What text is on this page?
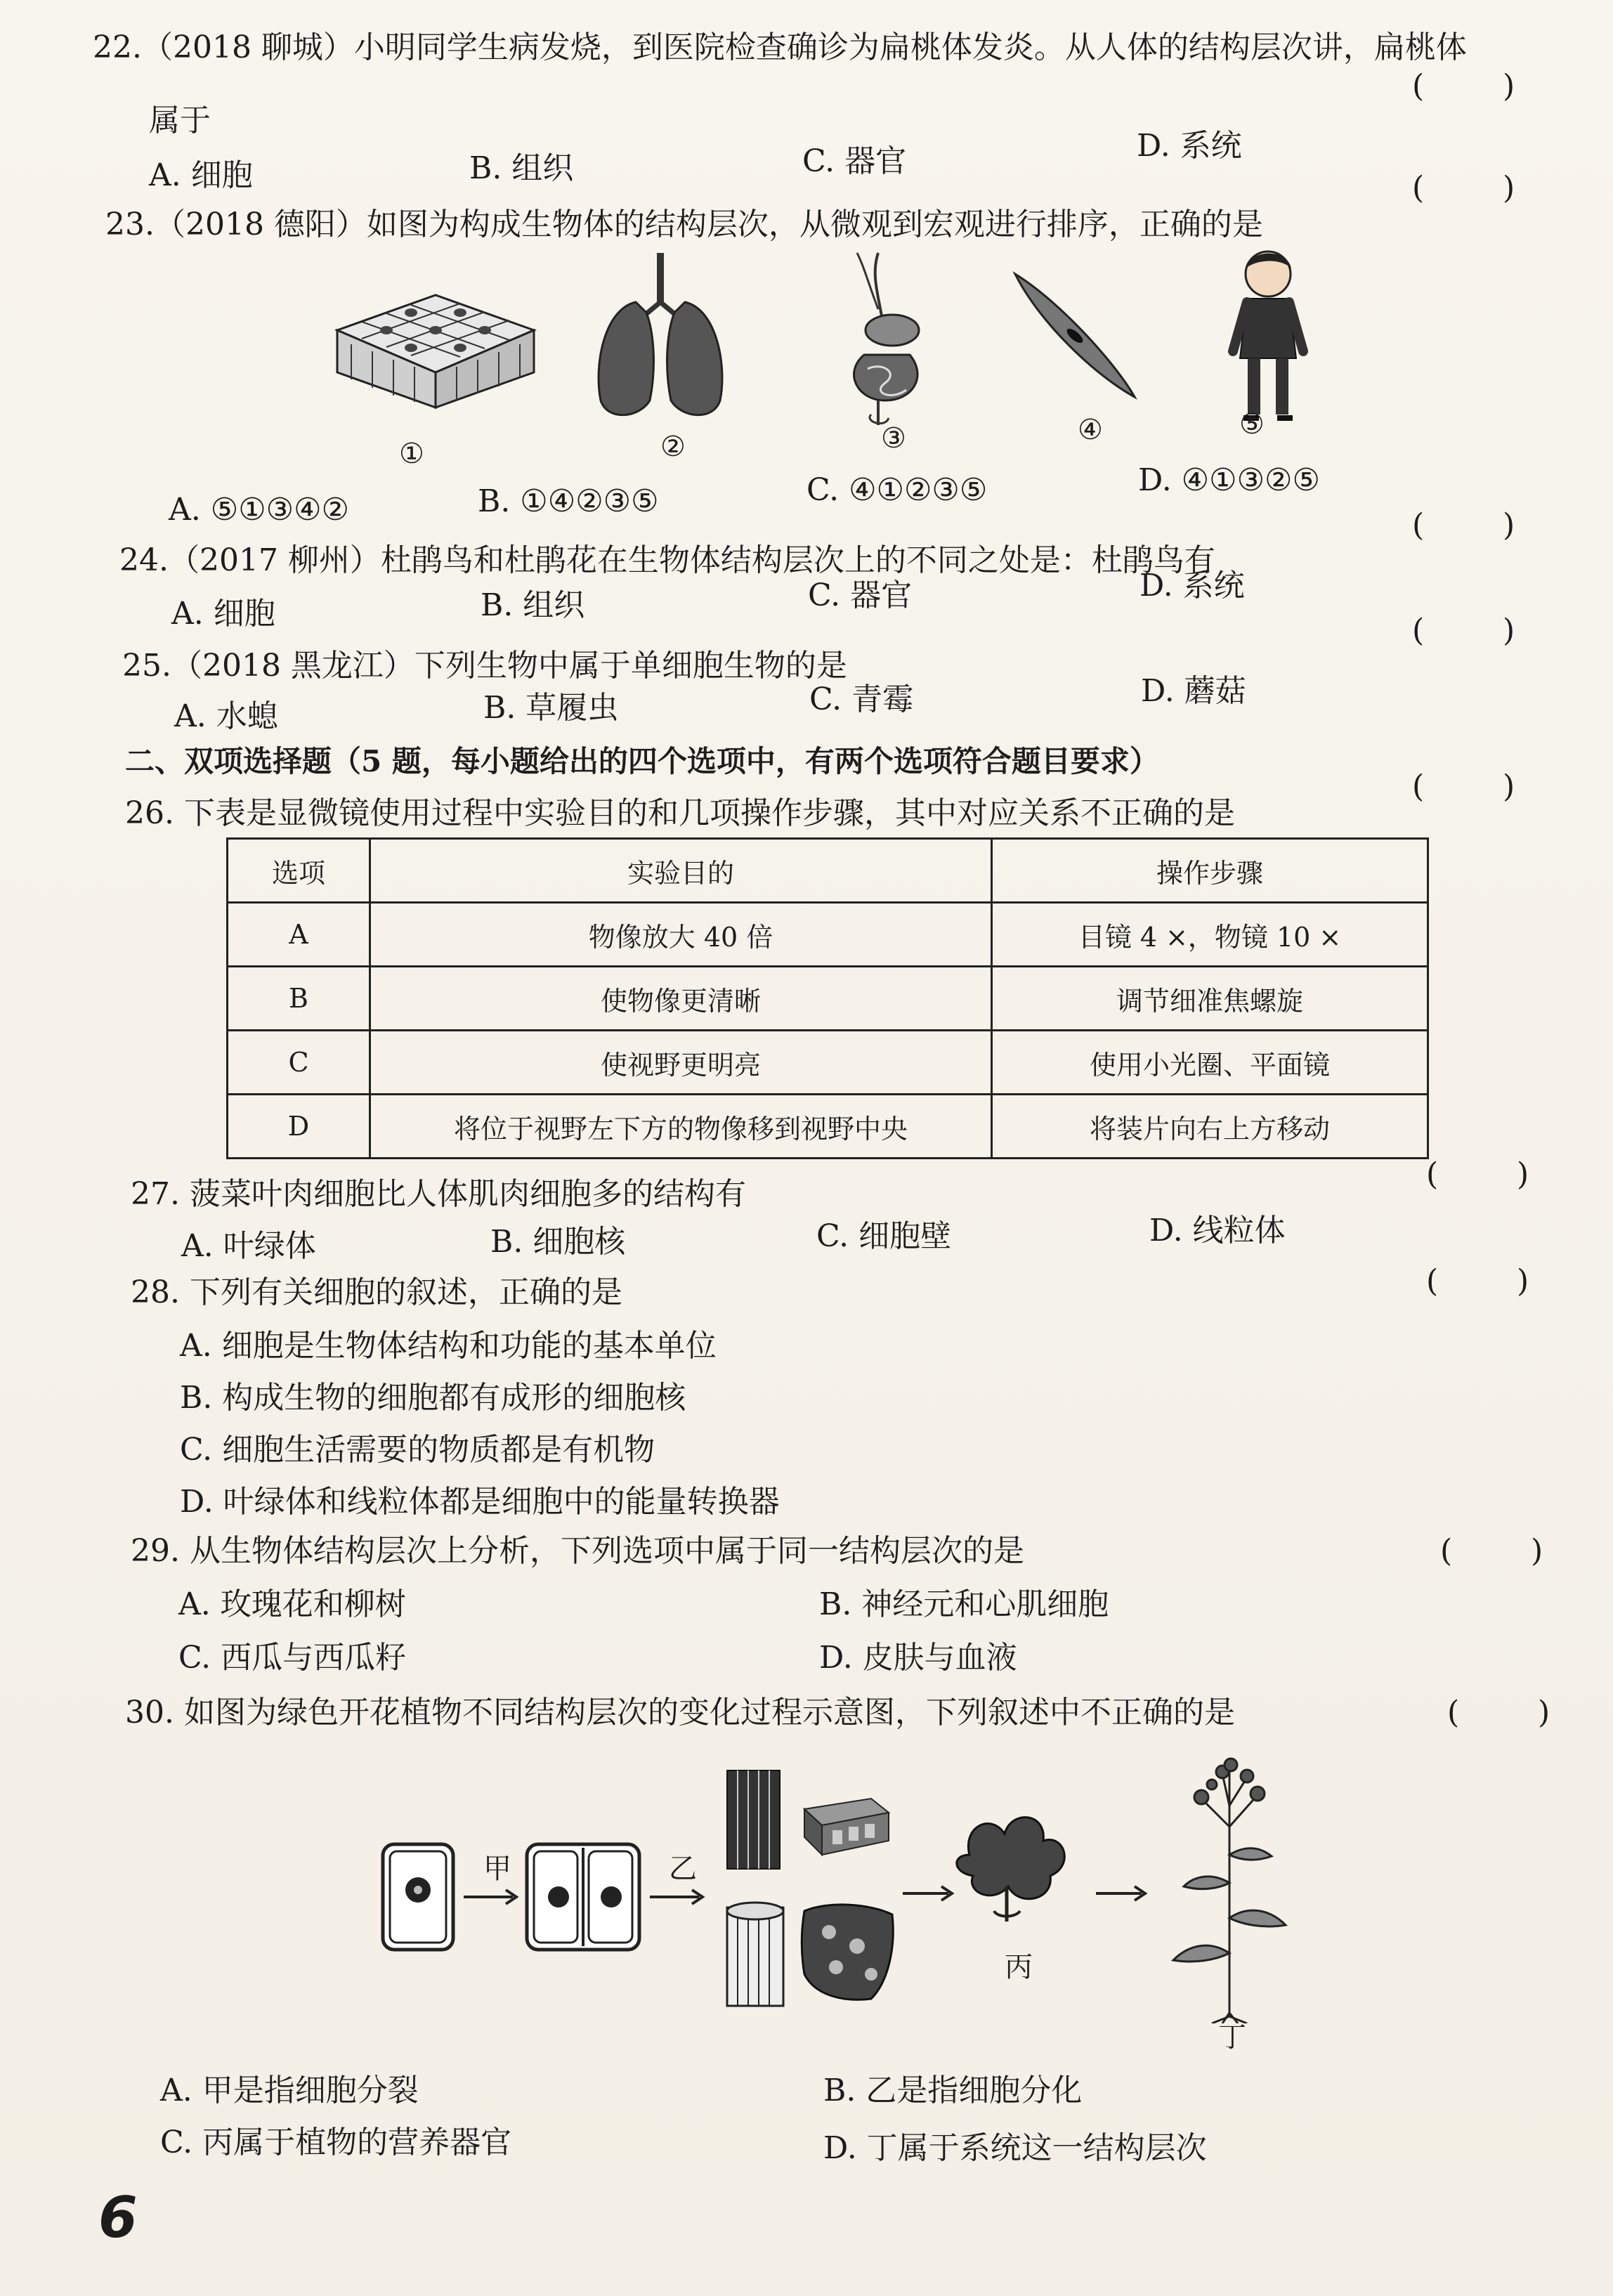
22.（2018 聊城）小明同学生病发烧，到医院检查确诊为扁桃体发炎。从人体的结构层次讲，扁桃体
(        )
属于
A. 细胞	B. 组织	C. 器官	D. 系统
23.（2018 德阳）如图为构成生物体的结构层次，从微观到宏观进行排序，正确的是
(        )
①	②	③	④	⑤
A. ⑤①③④②	B. ①④②③⑤	C. ④①②③⑤	D. ④①③②⑤
24.（2017 柳州）杜鹃鸟和杜鹃花在生物体结构层次上的不同之处是：杜鹃鸟有
(        )
A. 细胞	B. 组织	C. 器官	D. 系统
25.（2018 黑龙江）下列生物中属于单细胞生物的是
(        )
A. 水螅	B. 草履虫	C. 青霉	D. 蘑菇
二、双项选择题（5 题，每小题给出的四个选项中，有两个选项符合题目要求）
26. 下表是显微镜使用过程中实验目的和几项操作步骤，其中对应关系不正确的是
(        )
选项	实验目的	操作步骤
A	物像放大 40 倍	目镜 4 ×，物镜 10 ×
B	使物像更清晰	调节细准焦螺旋
C	使视野更明亮	使用小光圈、平面镜
D	将位于视野左下方的物像移到视野中央	将装片向右上方移动
27. 菠菜叶肉细胞比人体肌肉细胞多的结构有
(        )
A. 叶绿体	B. 细胞核	C. 细胞壁	D. 线粒体
28. 下列有关细胞的叙述，正确的是	(        )
A. 细胞是生物体结构和功能的基本单位
B. 构成生物的细胞都有成形的细胞核
C. 细胞生活需要的物质都是有机物
D. 叶绿体和线粒体都是细胞中的能量转换器
29. 从生物体结构层次上分析，下列选项中属于同一结构层次的是	(        )
A. 玫瑰花和柳树	B. 神经元和心肌细胞
C. 西瓜与西瓜籽	D. 皮肤与血液
30. 如图为绿色开花植物不同结构层次的变化过程示意图，下列叙述中不正确的是	(        )
甲	乙
丙
丁
A. 甲是指细胞分裂	B. 乙是指细胞分化
C. 丙属于植物的营养器官	D. 丁属于系统这一结构层次
6
